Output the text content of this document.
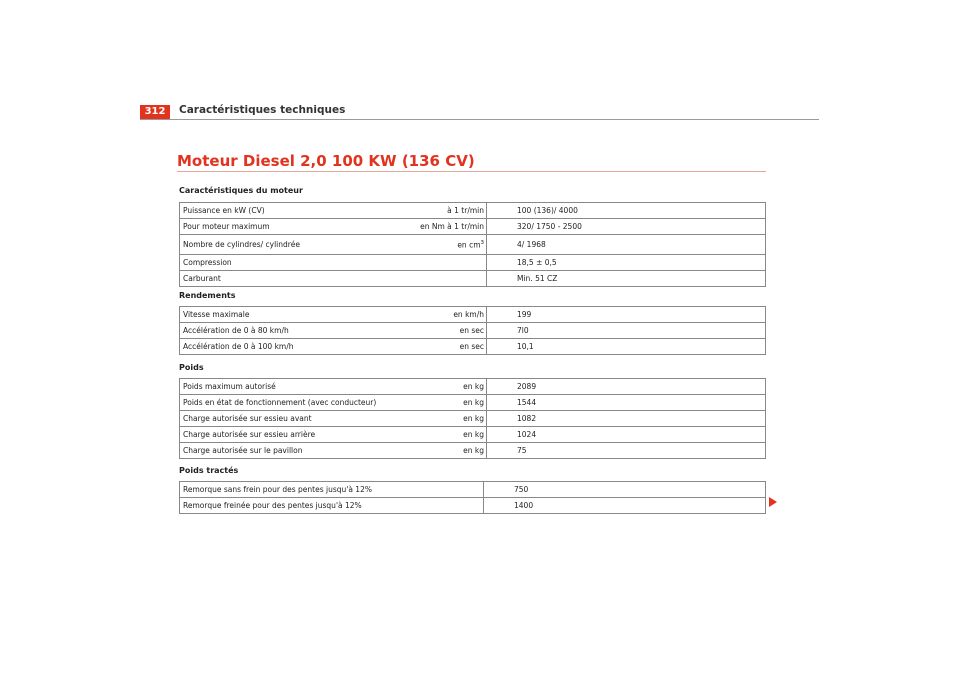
312	Caractéristiques techniques
Moteur Diesel 2,0 100 KW (136 CV)
Caractéristiques du moteur
Puissance en kW (CV)	à 1 tr/min	100 (136)/ 4000
Pour moteur maximum	en Nm à 1 tr/min	320/ 1750 - 2500
Nombre de cylindres/ cylindrée	en $cm^3$	4/ 1968
Compression		18,5 ± 0,5
Carburant		Min. 51 CZ
Rendements
Vitesse maximale	en km/h	199
Accélération de 0 à 80 km/h	en sec	7l0
Accélération de 0 à 100 km/h	en sec	10,1
Poids
Poids maximum autorisé	en kg	2089
Poids en état de fonctionnement (avec conducteur)	en kg	1544
Charge autorisée sur essieu avant	en kg	1082
Charge autorisée sur essieu arrière	en kg	1024
Charge autorisée sur le pavillon	en kg	75
Poids tractés
Remorque sans frein pour des pentes jusqu'à 12%	750
Remorque freinée pour des pentes jusqu'à 12%	1400
